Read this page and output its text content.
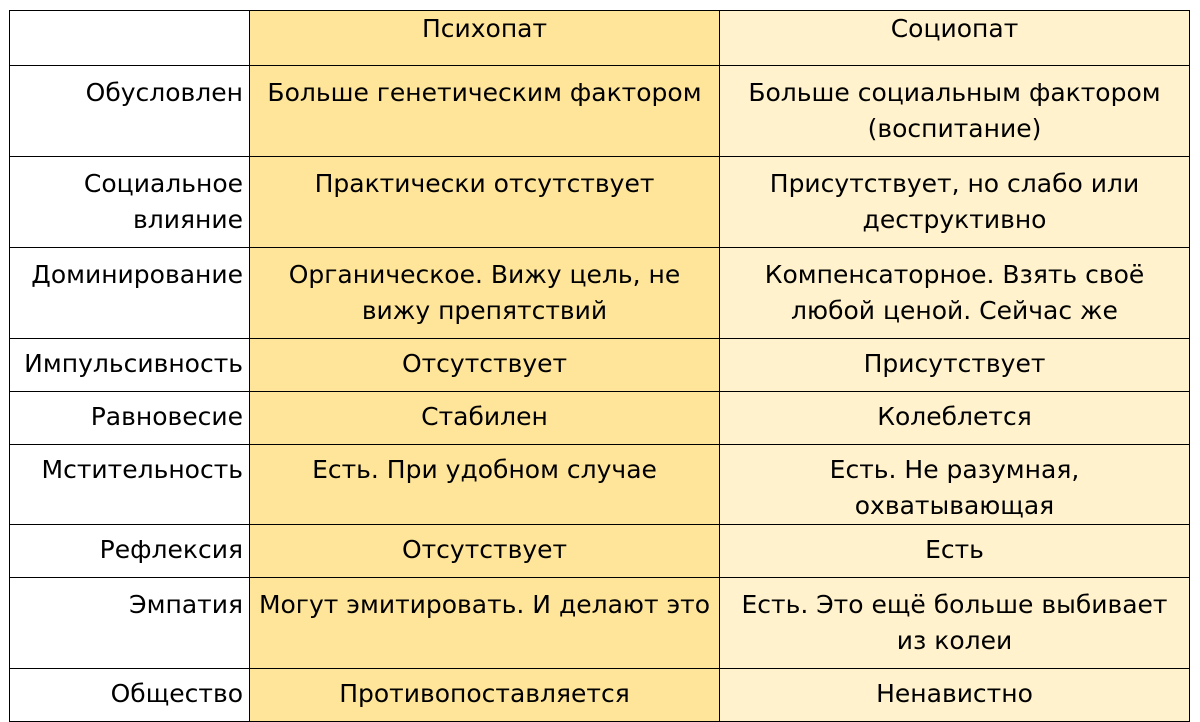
	Психопат	Социопат

Обусловлен	Больше генетическим фактором	Больше социальным фактором (воспитание)

Социальное влияние	Практически отсутствует	Присутствует, но слабо или деструктивно

Доминирование	Органическое. Вижу цель, не вижу препятствий	Компенсаторное. Взять своё любой ценой. Сейчас же

Импульсивность	Отсутствует	Присутствует

Равновесие	Стабилен	Колеблется

Мстительность	Есть. При удобном случае	Есть. Не разумная, охватывающая

Рефлексия	Отсутствует	Есть

Эмпатия	Могут эмитировать. И делают это	Есть. Это ещё больше выбивает из колеи

Общество	Противопоставляется	Ненавистно
